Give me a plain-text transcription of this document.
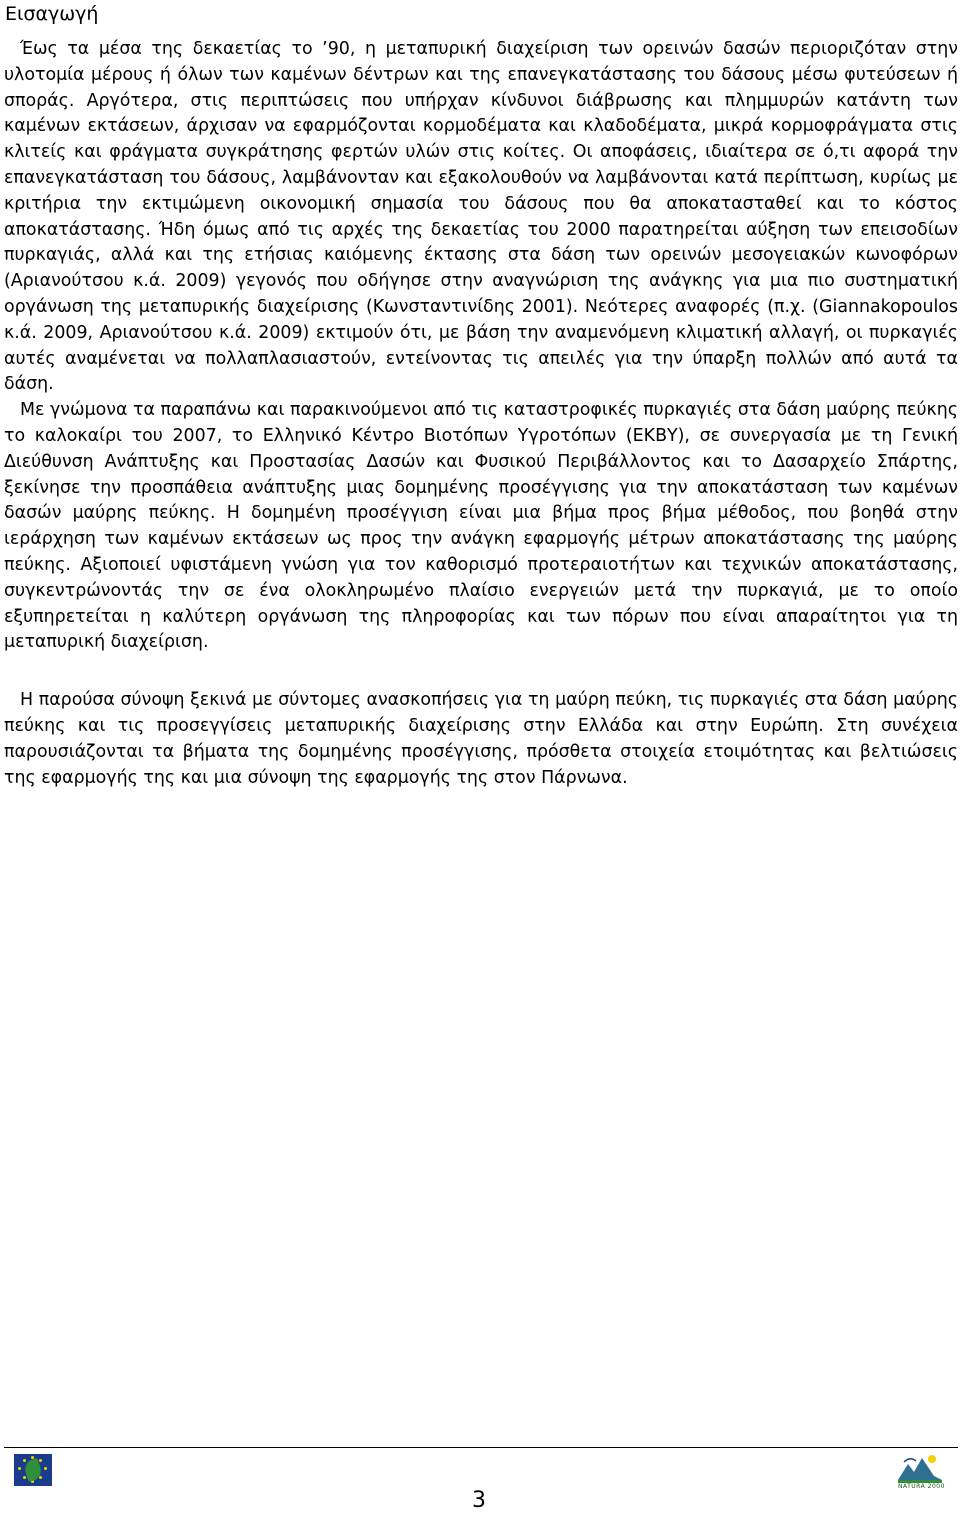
Εισαγωγή

Έως τα μέσα της δεκαετίας το ’90, η μεταπυρική διαχείριση των ορεινών δασών περιοριζόταν στην υλοτομία μέρους ή όλων των καμένων δέντρων και της επανεγκατάστασης του δάσους μέσω φυτεύσεων ή σποράς. Αργότερα, στις περιπτώσεις που υπήρχαν κίνδυνοι διάβρωσης και πλημμυρών κατάντη των καμένων εκτάσεων, άρχισαν να εφαρμόζονται κορμοδέματα και κλαδοδέματα, μικρά κορμοφράγματα στις κλιτείς και φράγματα συγκράτησης φερτών υλών στις κοίτες. Οι αποφάσεις, ιδιαίτερα σε ό,τι αφορά την επανεγκατάσταση του δάσους, λαμβάνονταν και εξακολουθούν να λαμβάνονται κατά περίπτωση, κυρίως με κριτήρια την εκτιμώμενη οικονομική σημασία του δάσους που θα αποκατασταθεί και το κόστος αποκατάστασης. Ήδη όμως από τις αρχές της δεκαετίας του 2000 παρατηρείται αύξηση των επεισοδίων πυρκαγιάς, αλλά και της ετήσιας καιόμενης έκτασης στα δάση των ορεινών μεσογειακών κωνοφόρων (Αριανούτσου κ.ά. 2009) γεγονός που οδήγησε στην αναγνώριση της ανάγκης για μια πιο συστηματική οργάνωση της μεταπυρικής διαχείρισης (Κωνσταντινίδης 2001). Νεότερες αναφορές (π.χ. (Giannakopoulos κ.ά. 2009, Αριανούτσου κ.ά. 2009) εκτιμούν ότι, με βάση την αναμενόμενη κλιματική αλλαγή, οι πυρκαγιές αυτές αναμένεται να πολλαπλασιαστούν, εντείνοντας τις απειλές για την ύπαρξη πολλών από αυτά τα δάση.

Με γνώμονα τα παραπάνω και παρακινούμενοι από τις καταστροφικές πυρκαγιές στα δάση μαύρης πεύκης το καλοκαίρι του 2007, το Ελληνικό Κέντρο Βιοτόπων Υγροτόπων (ΕΚΒΥ), σε συνεργασία με τη Γενική Διεύθυνση Ανάπτυξης και Προστασίας Δασών και Φυσικού Περιβάλλοντος και το Δασαρχείο Σπάρτης, ξεκίνησε την προσπάθεια ανάπτυξης μιας δομημένης προσέγγισης για την αποκατάσταση των καμένων δασών μαύρης πεύκης. Η δομημένη προσέγγιση είναι μια βήμα προς βήμα μέθοδος, που βοηθά στην ιεράρχηση των καμένων εκτάσεων ως προς την ανάγκη εφαρμογής μέτρων αποκατάστασης της μαύρης πεύκης. Αξιοποιεί υφιστάμενη γνώση για τον καθορισμό προτεραιοτήτων και τεχνικών αποκατάστασης, συγκεντρώνοντάς την σε ένα ολοκληρωμένο πλαίσιο ενεργειών μετά την πυρκαγιά, με το οποίο εξυπηρετείται η καλύτερη οργάνωση της πληροφορίας και των πόρων που είναι απαραίτητοι για τη μεταπυρική διαχείριση.

Η παρούσα σύνοψη ξεκινά με σύντομες ανασκοπήσεις για τη μαύρη πεύκη, τις πυρκαγιές στα δάση μαύρης πεύκης και τις προσεγγίσεις μεταπυρικής διαχείρισης στην Ελλάδα και στην Ευρώπη. Στη συνέχεια παρουσιάζονται τα βήματα της δομημένης προσέγγισης, πρόσθετα στοιχεία ετοιμότητας και βελτιώσεις της εφαρμογής της και μια σύνοψη της εφαρμογής της στον Πάρνωνα.

NATURA 2000
3
